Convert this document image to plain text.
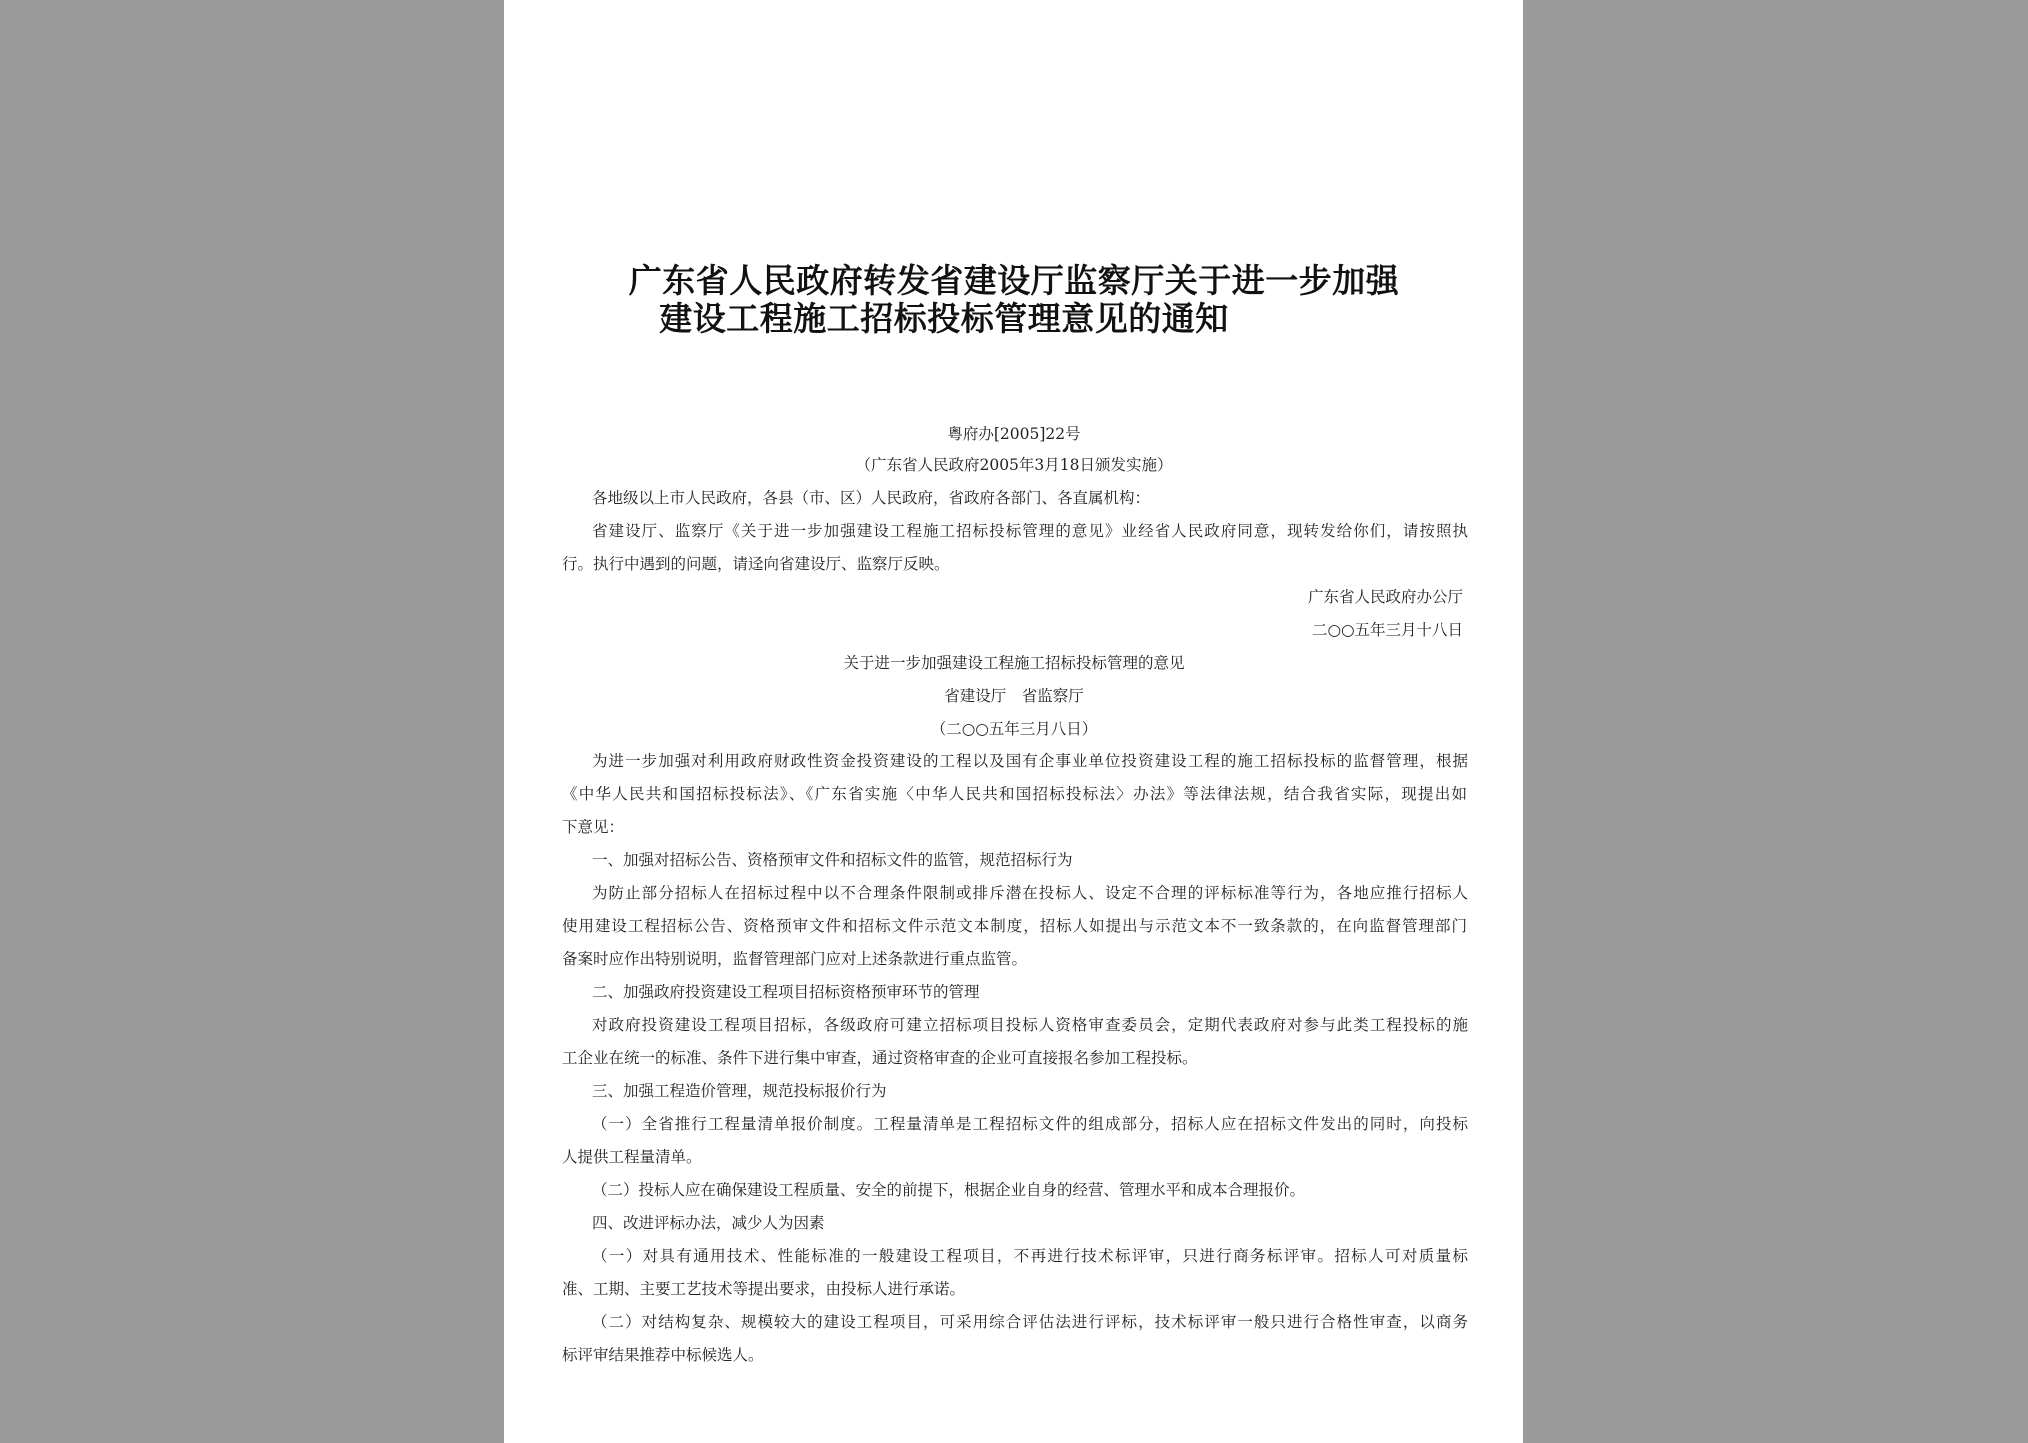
广东省人民政府转发省建设厅监察厅关于进一步加强
建设工程施工招标投标管理意见的通知
粤府办[2005]22号
（广东省人民政府2005年3月18日颁发实施）
各地级以上市人民政府，各县（市、区）人民政府，省政府各部门、各直属机构：
省建设厅、监察厅《关于进一步加强建设工程施工招标投标管理的意见》业经省人民政府同意，现转发给你们，请按照执
行。执行中遇到的问题，请迳向省建设厅、监察厅反映。
广东省人民政府办公厅
二○○五年三月十八日
关于进一步加强建设工程施工招标投标管理的意见
省建设厅　省监察厅
（二○○五年三月八日）
为进一步加强对利用政府财政性资金投资建设的工程以及国有企事业单位投资建设工程的施工招标投标的监督管理，根据
《中华人民共和国招标投标法》、《广东省实施〈中华人民共和国招标投标法〉办法》等法律法规，结合我省实际，现提出如
下意见：
一、加强对招标公告、资格预审文件和招标文件的监管，规范招标行为
为防止部分招标人在招标过程中以不合理条件限制或排斥潜在投标人、设定不合理的评标标准等行为，各地应推行招标人
使用建设工程招标公告、资格预审文件和招标文件示范文本制度，招标人如提出与示范文本不一致条款的，在向监督管理部门
备案时应作出特别说明，监督管理部门应对上述条款进行重点监管。
二、加强政府投资建设工程项目招标资格预审环节的管理
对政府投资建设工程项目招标，各级政府可建立招标项目投标人资格审查委员会，定期代表政府对参与此类工程投标的施
工企业在统一的标准、条件下进行集中审查，通过资格审查的企业可直接报名参加工程投标。
三、加强工程造价管理，规范投标报价行为
（一）全省推行工程量清单报价制度。工程量清单是工程招标文件的组成部分，招标人应在招标文件发出的同时，向投标
人提供工程量清单。
（二）投标人应在确保建设工程质量、安全的前提下，根据企业自身的经营、管理水平和成本合理报价。
四、改进评标办法，减少人为因素
（一）对具有通用技术、性能标准的一般建设工程项目，不再进行技术标评审，只进行商务标评审。招标人可对质量标
准、工期、主要工艺技术等提出要求，由投标人进行承诺。
（二）对结构复杂、规模较大的建设工程项目，可采用综合评估法进行评标，技术标评审一般只进行合格性审查，以商务
标评审结果推荐中标候选人。
